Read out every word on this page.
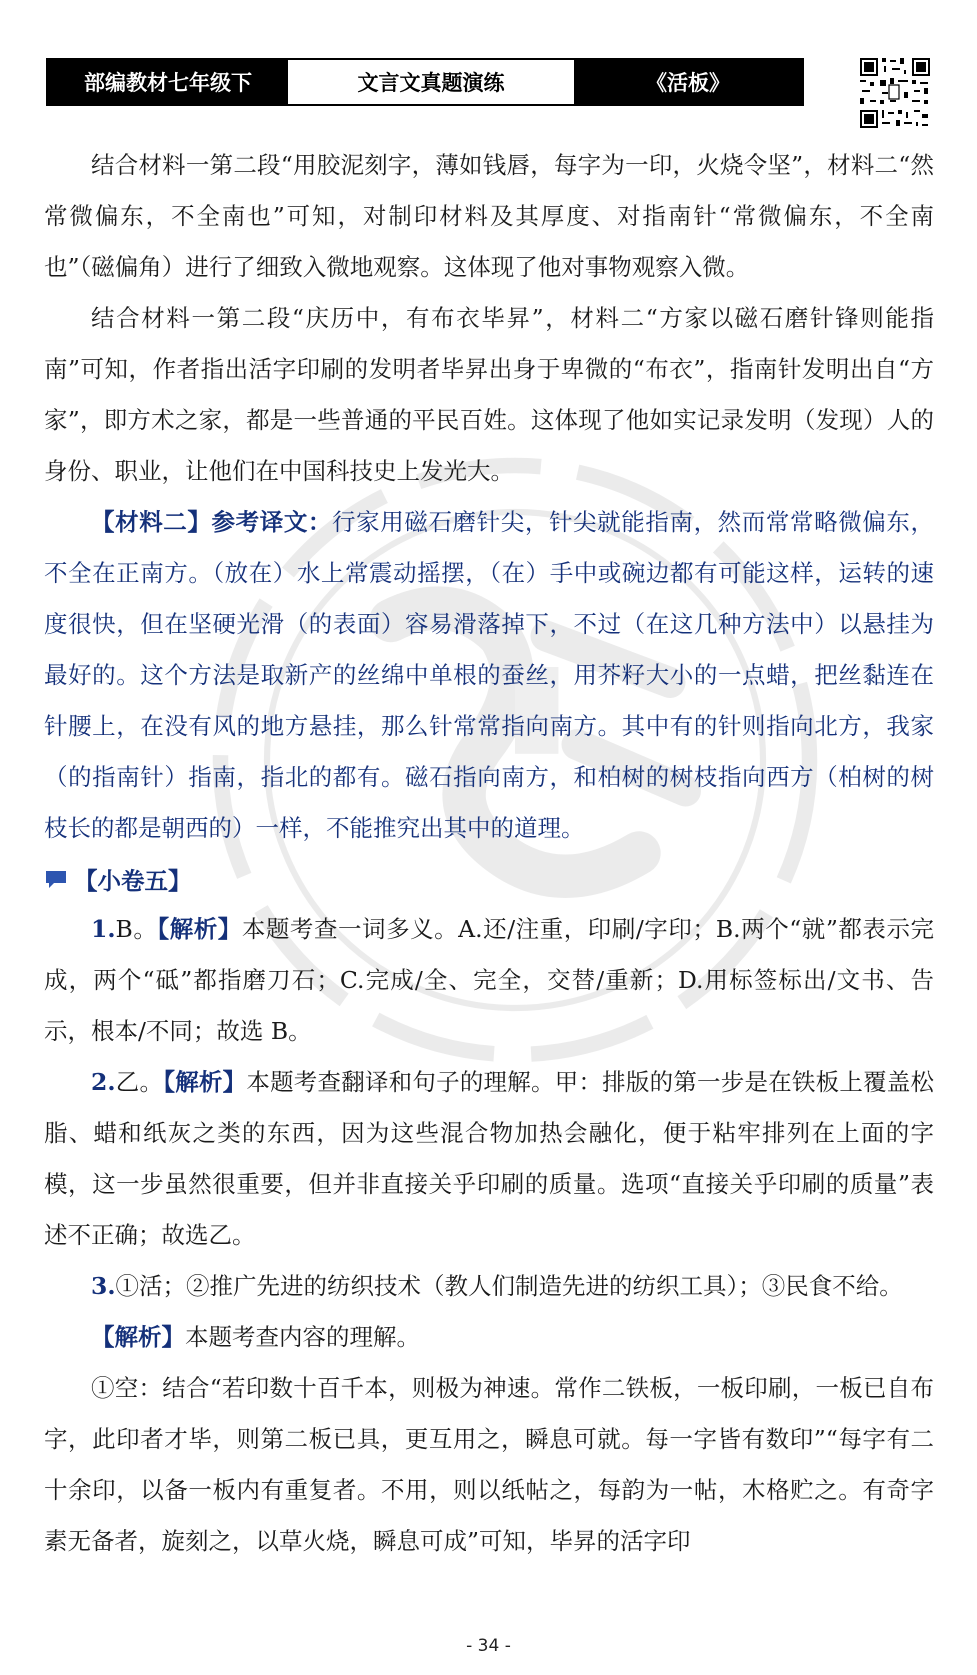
部编教材七年级下	文言文真题演练	《活板》

结合材料一第二段“用胶泥刻字，薄如钱唇，每字为一印，火烧令坚”，材料二“然常微偏东，不全南也”可知，对制印材料及其厚度、对指南针“常微偏东，不全南也”（磁偏角）进行了细致入微地观察。这体现了他对事物观察入微。

结合材料一第二段“庆历中，有布衣毕昇”，材料二“方家以磁石磨针锋则能指南”可知，作者指出活字印刷的发明者毕昇出身于卑微的“布衣”，指南针发明出自“方家”，即方术之家，都是一些普通的平民百姓。这体现了他如实记录发明（发现）人的身份、职业，让他们在中国科技史上发光大。

【材料二】参考译文：行家用磁石磨针尖，针尖就能指南，然而常常略微偏东，不全在正南方。（放在）水上常震动摇摆，（在）手中或碗边都有可能这样，运转的速度很快，但在坚硬光滑（的表面）容易滑落掉下，不过（在这几种方法中）以悬挂为最好的。这个方法是取新产的丝绵中单根的蚕丝，用芥籽大小的一点蜡，把丝黏连在针腰上，在没有风的地方悬挂，那么针常常指向南方。其中有的针则指向北方，我家（的指南针）指南，指北的都有。磁石指向南方，和柏树的树枝指向西方（柏树的树枝长的都是朝西的）一样，不能推究出其中的道理。

【小卷五】

1.B。【解析】本题考查一词多义。A.还/注重，印刷/字印；B.两个“就”都表示完成，两个“砥”都指磨刀石；C.完成/全、完全，交替/重新；D.用标签标出/文书、告示，根本/不同；故选 B。

2.乙。【解析】本题考查翻译和句子的理解。甲：排版的第一步是在铁板上覆盖松脂、蜡和纸灰之类的东西，因为这些混合物加热会融化，便于粘牢排列在上面的字模，这一步虽然很重要，但并非直接关乎印刷的质量。选项“直接关乎印刷的质量”表述不正确；故选乙。

3.①活；②推广先进的纺织技术（教人们制造先进的纺织工具）；③民食不给。

【解析】本题考查内容的理解。

①空：结合“若印数十百千本，则极为神速。常作二铁板，一板印刷，一板已自布字，此印者才毕，则第二板已具，更互用之，瞬息可就。每一字皆有数印”“每字有二十余印，以备一板内有重复者。不用，则以纸帖之，每韵为一帖，木格贮之。有奇字素无备者，旋刻之，以草火烧，瞬息可成”可知，毕昇的活字印

- 34 -
